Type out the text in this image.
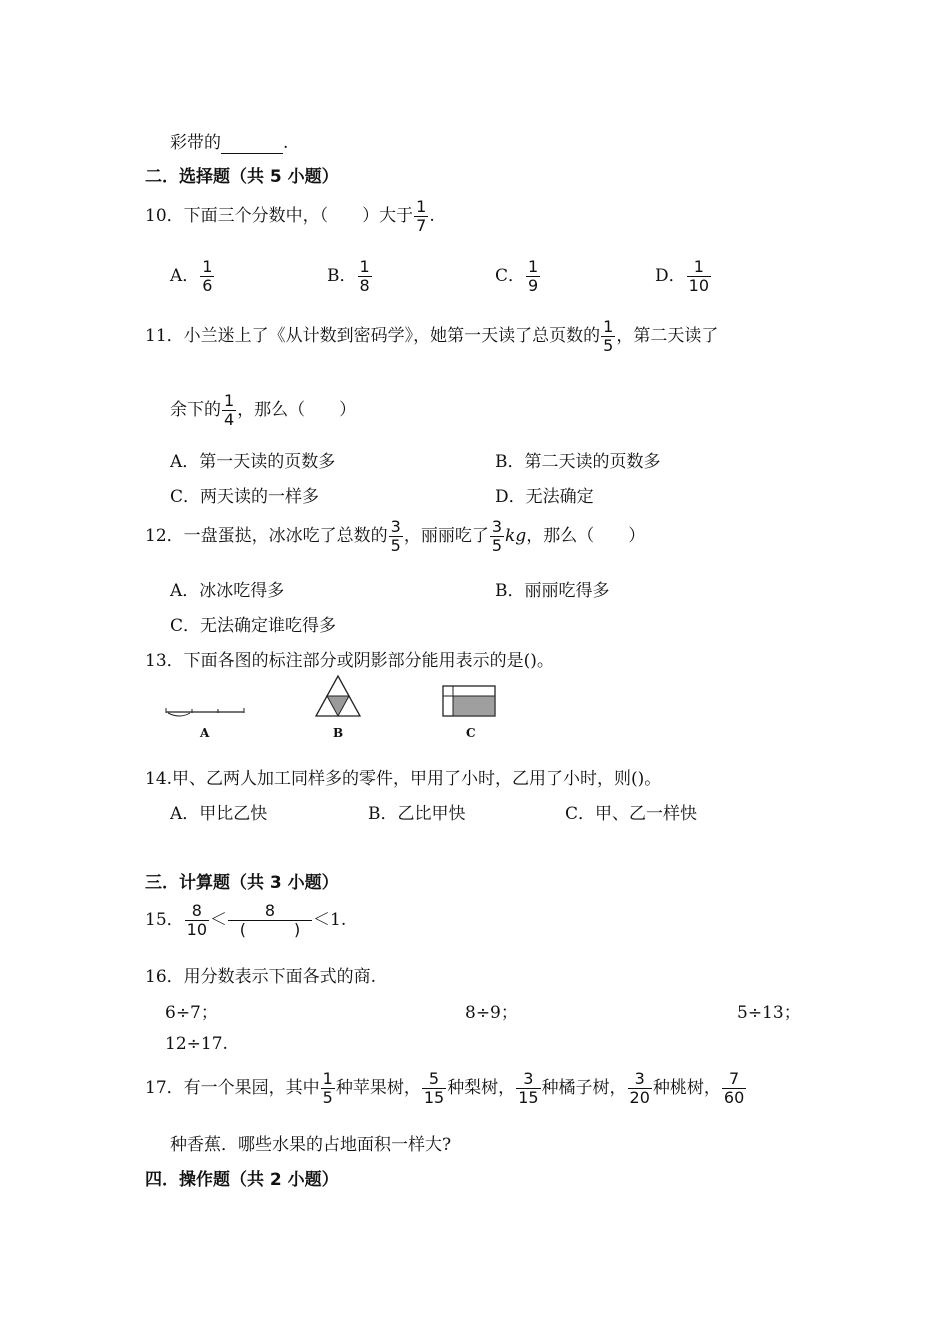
彩带的	.
二．选择题（共 5 小题）
10．下面三个分数中，（　　）大于 $\frac{1}{7}$ .
A． $\frac{1}{6}$	B． $\frac{1}{8}$	C． $\frac{1}{9}$	D． $\frac{1}{10}$
11．小兰迷上了《从计数到密码学》，她第一天读了总页数的 $\frac{1}{5}$ ，第二天读了
余下的 $\frac{1}{4}$ ，那么（　　）
A．第一天读的页数多	B．第二天读的页数多
C．两天读的一样多	D．无法确定
12．一盘蛋挞，冰冰吃了总数的 $\frac{3}{5}$ ，丽丽吃了 $\frac{3}{5}$ kg，那么（　　）
A．冰冰吃得多	B．丽丽吃得多
C．无法确定谁吃得多
13．下面各图的标注部分或阴影部分能用表示的是()。
A	B	C
14.甲、乙两人加工同样多的零件，甲用了小时，乙用了小时，则()。
A．甲比乙快	B．乙比甲快	C．甲、乙一样快
三．计算题（共 3 小题）
15． $\frac{8}{10} < \frac{8}{( )} <1$.
16．用分数表示下面各式的商.
6÷7；	8÷9；	5÷13；
12÷17.
17．有一个果园，其中 $\frac{1}{5}$ 种苹果树， $\frac{5}{15}$ 种梨树， $\frac{3}{15}$ 种橘子树， $\frac{3}{20}$ 种桃树， $\frac{7}{60}$
种香蕉．哪些水果的占地面积一样大?
四．操作题（共 2 小题）
